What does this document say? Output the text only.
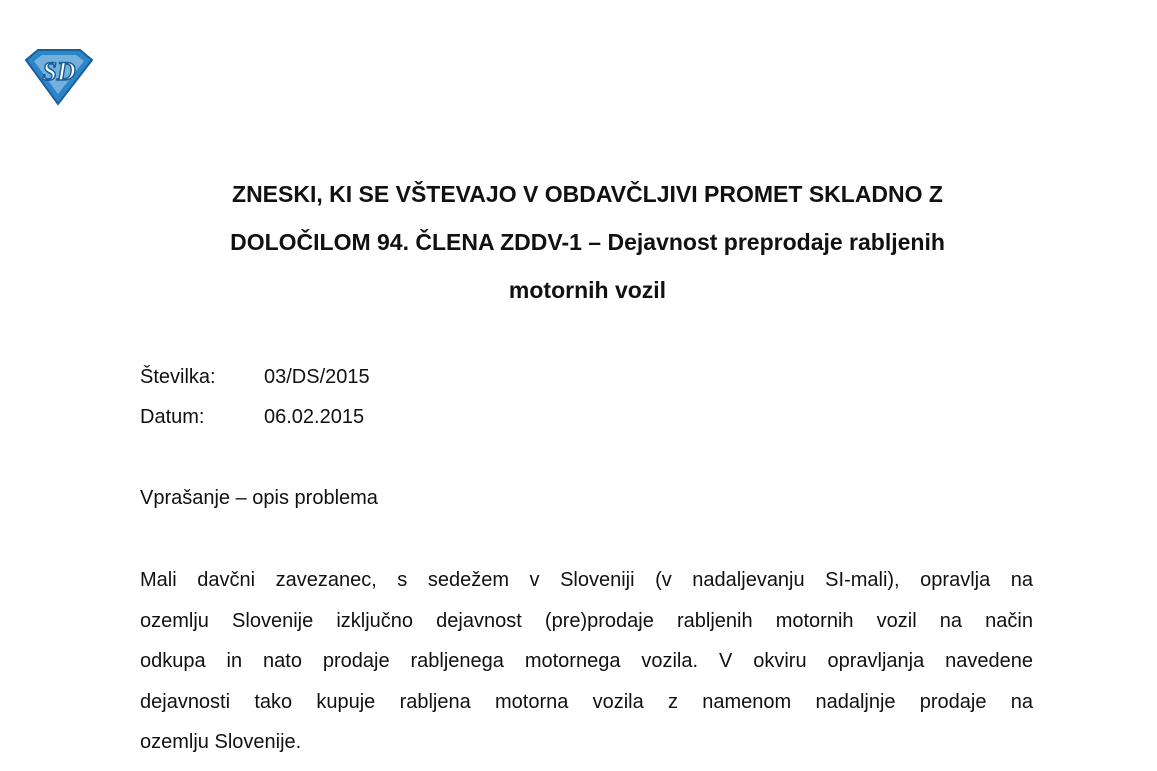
SD
ZNESKI, KI SE VŠTEVAJO V OBDAVČLJIVI PROMET SKLADNO Z
DOLOČILOM 94. ČLENA ZDDV-1 – Dejavnost preprodaje rabljenih
motornih vozil
Številka: 03/DS/2015
Datum:	06.02.2015
Vprašanje – opis problema
Mali davčni zavezanec, s sedežem v Sloveniji (v nadaljevanju SI-mali), opravlja na
ozemlju Slovenije izključno dejavnost (pre)prodaje rabljenih motornih vozil na način
odkupa in nato prodaje rabljenega motornega vozila. V okviru opravljanja navedene
dejavnosti tako kupuje rabljena motorna vozila z namenom nadaljnje prodaje na
ozemlju Slovenije.
